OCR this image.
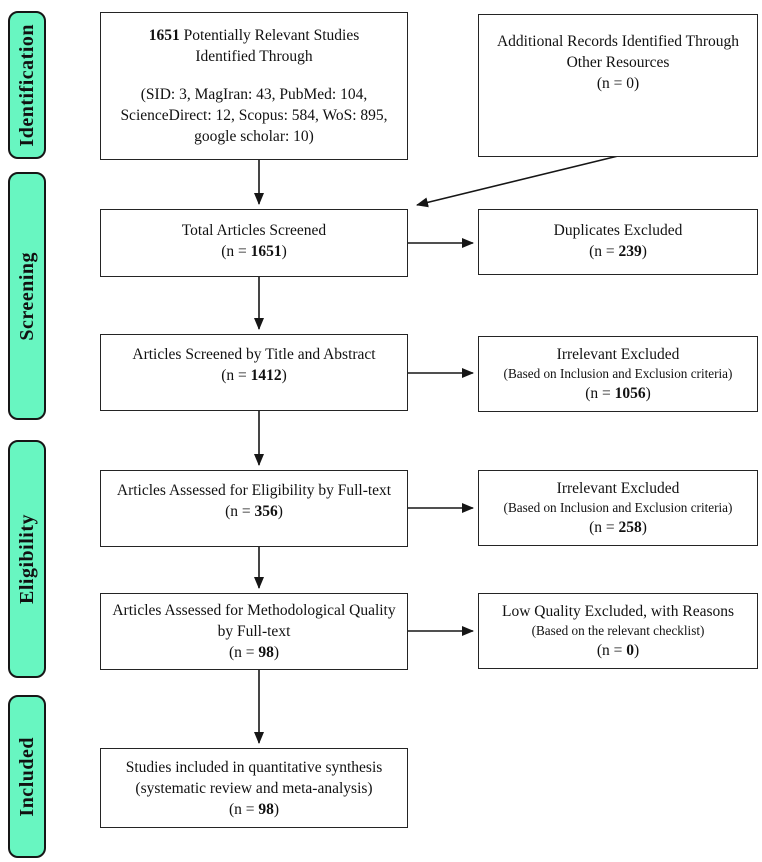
Identification
Screening
Eligibility
Included
1651 Potentially Relevant Studies
Identified Through
(SID: 3, MagIran: 43, PubMed: 104,
ScienceDirect: 12, Scopus: 584, WoS: 895,
google scholar: 10)
Additional Records Identified Through
Other Resources
(n = 0)
Total Articles Screened
(n = 1651)
Duplicates Excluded
(n = 239)
Articles Screened by Title and Abstract
(n = 1412)
Irrelevant Excluded
(Based on Inclusion and Exclusion criteria)
(n = 1056)
Articles Assessed for Eligibility by Full-text
(n = 356)
Irrelevant Excluded
(Based on Inclusion and Exclusion criteria)
(n = 258)
Articles Assessed for Methodological Quality
by Full-text
(n = 98)
Low Quality Excluded, with Reasons
(Based on the relevant checklist)
(n = 0)
Studies included in quantitative synthesis
(systematic review and meta-analysis)
(n = 98)
